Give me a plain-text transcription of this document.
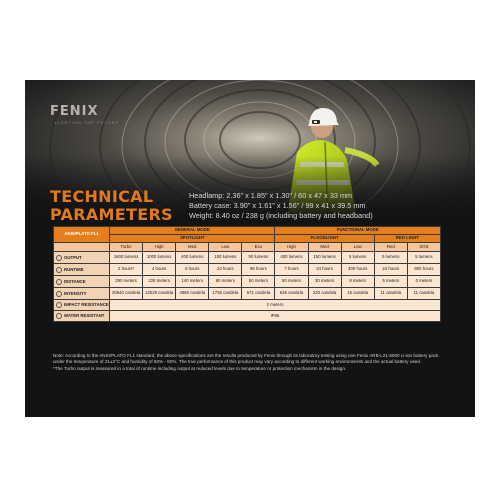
FENIX
LIGHTING THE FUTURE
TECHNICAL
PARAMETERS
Headlamp: 2.36" x 1.85" x 1.30" / 60 x 47 x 33 mm
Battery case: 3.90" x 1.61" x 1.56" / 99 x 41 x 39.5 mm
Weight: 8.40 oz / 238 g (including battery and headband)
ANSI/PLATO FL1	GENERAL MODE					FUNCTIONAL MODE				
	SPOTLIGHT					FLOODLIGHT			RED LIGHT	
	Turbo	High	Med	Low	Eco	High	Med	Low	Red	SOS
OUTPUT	1600 lumens	1000 lumens	400 lumens	150 lumens	50 lumens	400 lumens	150 lumens	5 lumens	5 lumens	5 lumens
RUNTIME	2 hours*	4 hours	8 hours	24 hours	96 hours	7 hours	24 hours	400 hours	24 hours	800 hours
DISTANCE	290 meters	228 meters	140 meters	80 meters	50 meters	50 meters	30 meters	8 meters	5 meters	0 meters
INTENSITY	20840 candela	13028 candela	4889 candela	1755 candela	571 candela	635 candela	220 candela	16 candela	11 candela	11 candela
IMPACT RESISTANCE	2 meters									
WATER RESISTANT	IP66									
Note: According to the ANSI/PLATO FL1 standard, the above specifications are the results produced by Fenix through its laboratory testing using one Fenix ARB-L21-5000 Li-ion battery pack under the temperature of 21±3°C and humidity of 50% - 80%. The true performance of this product may vary according to different working environments and the actual battery used.
*The Turbo output is measured in a total of runtime including output at reduced levels due to temperature or protection mechanism in the design.
